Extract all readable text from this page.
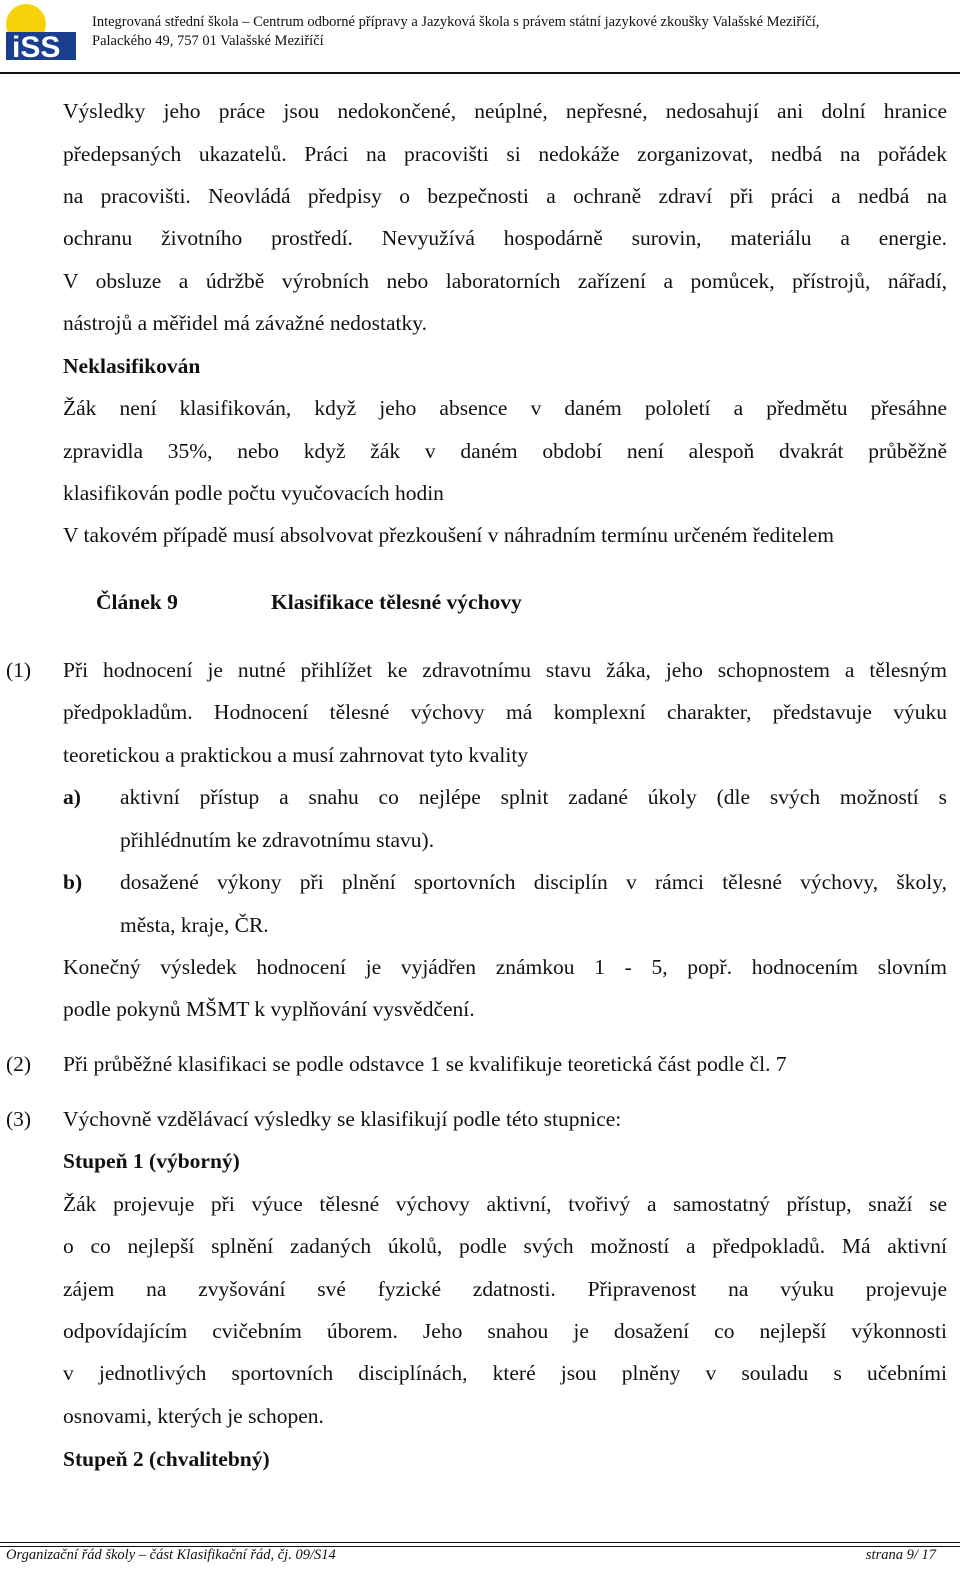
iSS
Integrovaná střední škola – Centrum odborné přípravy a Jazyková škola s právem státní jazykové zkoušky Valašské Meziříčí,
Palackého 49, 757 01 Valašské Meziříčí
Výsledky jeho práce jsou nedokončené, neúplné, nepřesné, nedosahují ani dolní hranice
předepsaných ukazatelů. Práci na pracovišti si nedokáže zorganizovat, nedbá na pořádek
na pracovišti. Neovládá předpisy o bezpečnosti a ochraně zdraví při práci a nedbá na
ochranu životního prostředí. Nevyužívá hospodárně surovin, materiálu a energie.
V obsluze a údržbě výrobních nebo laboratorních zařízení a pomůcek, přístrojů, nářadí,
nástrojů a měřidel má závažné nedostatky.
Neklasifikován
Žák není klasifikován, když jeho absence v daném pololetí a předmětu přesáhne
zpravidla 35%, nebo když žák v daném období není alespoň dvakrát průběžně
klasifikován podle počtu vyučovacích hodin
V takovém případě musí absolvovat přezkoušení v náhradním termínu určeném ředitelem
Článek 9	Klasifikace tělesné výchovy
(1) Při hodnocení je nutné přihlížet ke zdravotnímu stavu žáka, jeho schopnostem a tělesným
předpokladům. Hodnocení tělesné výchovy má komplexní charakter, představuje výuku
teoretickou a praktickou a musí zahrnovat tyto kvality
a) aktivní přístup a snahu co nejlépe splnit zadané úkoly (dle svých možností s
přihlédnutím ke zdravotnímu stavu).
b) dosažené výkony při plnění sportovních disciplín v rámci tělesné výchovy, školy,
města, kraje, ČR.
Konečný výsledek hodnocení je vyjádřen známkou 1 - 5, popř. hodnocením slovním
podle pokynů MŠMT k vyplňování vysvědčení.
(2) Při průběžné klasifikaci se podle odstavce 1 se kvalifikuje teoretická část podle čl. 7
(3) Výchovně vzdělávací výsledky se klasifikují podle této stupnice:
Stupeň 1 (výborný)
Žák projevuje při výuce tělesné výchovy aktivní, tvořivý a samostatný přístup, snaží se
o co nejlepší splnění zadaných úkolů, podle svých možností a předpokladů. Má aktivní
zájem na zvyšování své fyzické zdatnosti. Připravenost na výuku projevuje
odpovídajícím cvičebním úborem. Jeho snahou je dosažení co nejlepší výkonnosti
v jednotlivých sportovních disciplínách, které jsou plněny v souladu s učebními
osnovami, kterých je schopen.
Stupeň 2 (chvalitebný)
Organizační řád školy – část Klasifikační řád, čj. 09/S14	strana 9/ 17
